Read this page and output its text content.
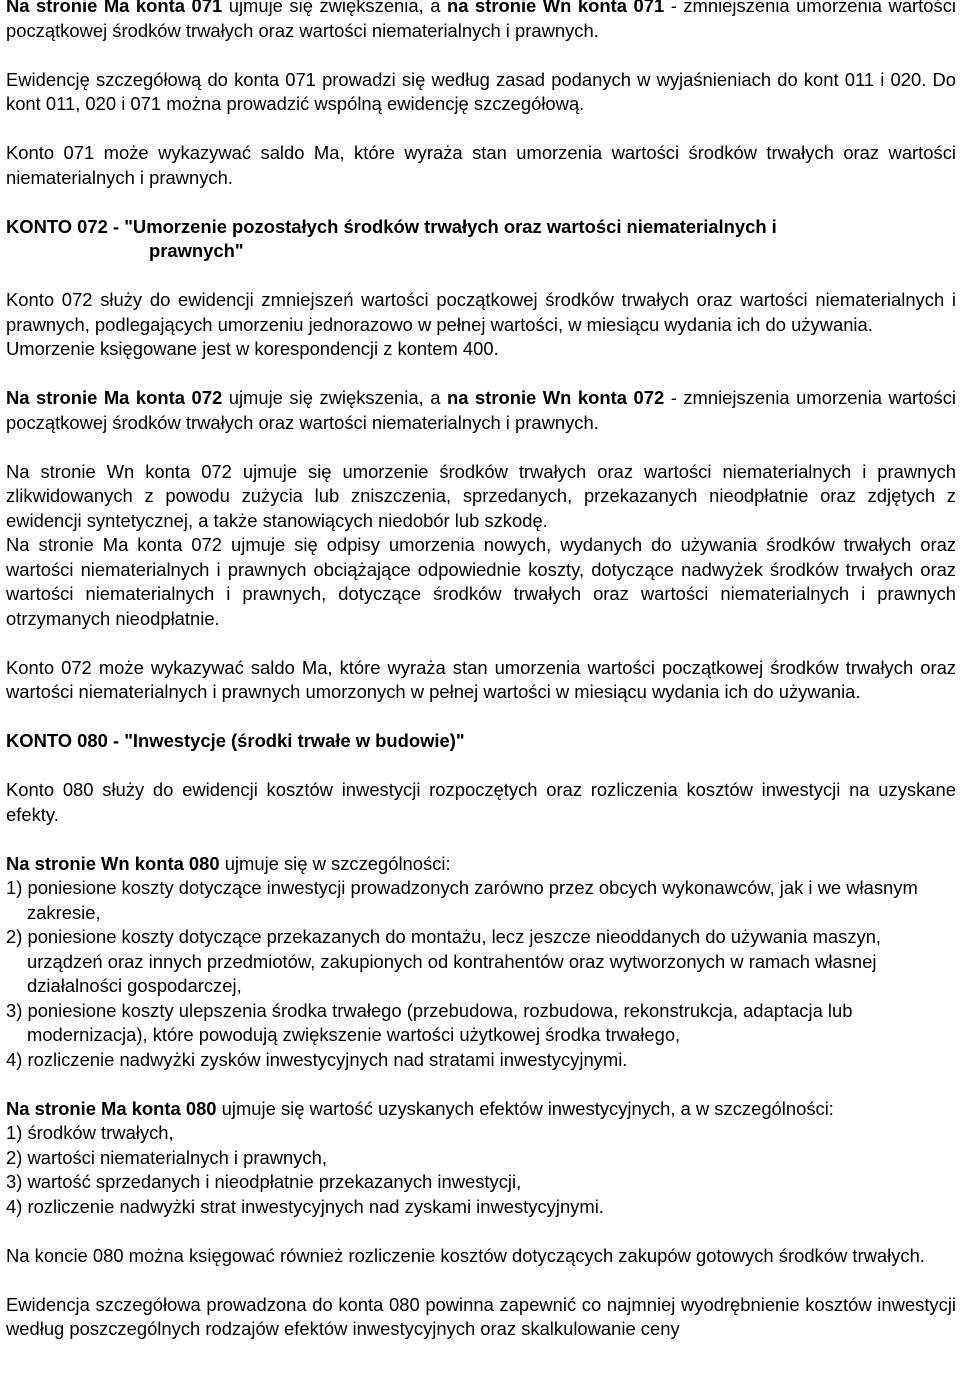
Na stronie Ma konta 071 ujmuje się zwiększenia, a na stronie Wn konta 071 - zmniejszenia umorzenia wartości początkowej środków trwałych oraz wartości niematerialnych i prawnych.

Ewidencję szczegółową do konta 071 prowadzi się według zasad podanych w wyjaśnieniach do kont 011 i 020. Do kont 011, 020 i 071 można prowadzić wspólną ewidencję szczegółową.

Konto 071 może wykazywać saldo Ma, które wyraża stan umorzenia wartości środków trwałych oraz wartości niematerialnych i prawnych.

KONTO 072 - "Umorzenie pozostałych środków trwałych oraz wartości niematerialnych i
prawnych"

Konto 072 służy do ewidencji zmniejszeń wartości początkowej środków trwałych oraz wartości niematerialnych i prawnych, podlegających umorzeniu jednorazowo w pełnej wartości, w miesiącu wydania ich do używania.

Umorzenie księgowane jest w korespondencji z kontem 400.

Na stronie Ma konta 072 ujmuje się zwiększenia, a na stronie Wn konta 072 - zmniejszenia umorzenia wartości początkowej środków trwałych oraz wartości niematerialnych i prawnych.

Na stronie Wn konta 072 ujmuje się umorzenie środków trwałych oraz wartości niematerialnych i prawnych zlikwidowanych z powodu zużycia lub zniszczenia, sprzedanych, przekazanych nieodpłatnie oraz zdjętych z ewidencji syntetycznej, a także stanowiących niedobór lub szkodę.

Na stronie Ma konta 072 ujmuje się odpisy umorzenia nowych, wydanych do używania środków trwałych oraz wartości niematerialnych i prawnych obciążające odpowiednie koszty, dotyczące nadwyżek środków trwałych oraz wartości niematerialnych i prawnych, dotyczące środków trwałych oraz wartości niematerialnych i prawnych otrzymanych nieodpłatnie.

Konto 072 może wykazywać saldo Ma, które wyraża stan umorzenia wartości początkowej środków trwałych oraz wartości niematerialnych i prawnych umorzonych w pełnej wartości w miesiącu wydania ich do używania.

KONTO 080 - "Inwestycje (środki trwałe w budowie)"

Konto 080 służy do ewidencji kosztów inwestycji rozpoczętych oraz rozliczenia kosztów inwestycji na uzyskane efekty.

Na stronie Wn konta 080 ujmuje się w szczególności:

1) poniesione koszty dotyczące inwestycji prowadzonych zarówno przez obcych wykonawców, jak i we własnym zakresie,
2) poniesione koszty dotyczące przekazanych do montażu, lecz jeszcze nieoddanych do używania maszyn, urządzeń oraz innych przedmiotów, zakupionych od kontrahentów oraz wytworzonych w ramach własnej działalności gospodarczej,
3) poniesione koszty ulepszenia środka trwałego (przebudowa, rozbudowa, rekonstrukcja, adaptacja lub modernizacja), które powodują zwiększenie wartości użytkowej środka trwałego,
4) rozliczenie nadwyżki zysków inwestycyjnych nad stratami inwestycyjnymi.

Na stronie Ma konta 080 ujmuje się wartość uzyskanych efektów inwestycyjnych, a w szczególności:

1) środków trwałych,
2) wartości niematerialnych i prawnych,
3) wartość sprzedanych i nieodpłatnie przekazanych inwestycji,
4) rozliczenie nadwyżki strat inwestycyjnych nad zyskami inwestycyjnymi.

Na koncie 080 można księgować również rozliczenie kosztów dotyczących zakupów gotowych środków trwałych.

Ewidencja szczegółowa prowadzona do konta 080 powinna zapewnić co najmniej wyodrębnienie kosztów inwestycji według poszczególnych rodzajów efektów inwestycyjnych oraz skalkulowanie ceny
